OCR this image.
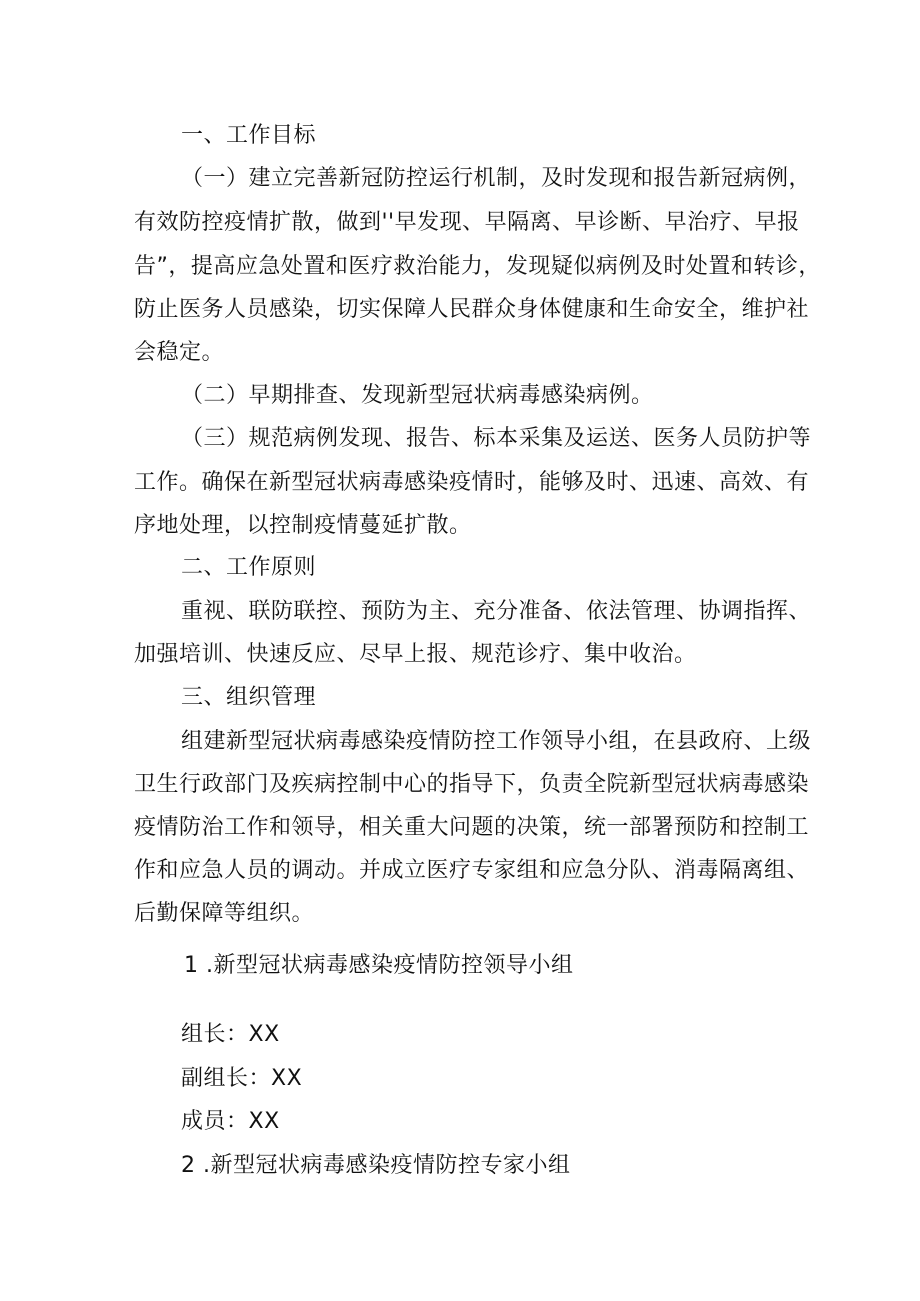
一、工作目标
（一）建立完善新冠防控运行机制，及时发现和报告新冠病例，
有效防控疫情扩散，做到''早发现、早隔离、早诊断、早治疗、早报
告”，提高应急处置和医疗救治能力，发现疑似病例及时处置和转诊，
防止医务人员感染，切实保障人民群众身体健康和生命安全，维护社
会稳定。
（二）早期排查、发现新型冠状病毒感染病例。
（三）规范病例发现、报告、标本采集及运送、医务人员防护等
工作。确保在新型冠状病毒感染疫情时，能够及时、迅速、高效、有
序地处理，以控制疫情蔓延扩散。
二、工作原则
重视、联防联控、预防为主、充分准备、依法管理、协调指挥、
加强培训、快速反应、尽早上报、规范诊疗、集中收治。
三、组织管理
组建新型冠状病毒感染疫情防控工作领导小组，在县政府、上级
卫生行政部门及疾病控制中心的指导下，负责全院新型冠状病毒感染
疫情防治工作和领导，相关重大问题的决策，统一部署预防和控制工
作和应急人员的调动。并成立医疗专家组和应急分队、消毒隔离组、
后勤保障等组织。
1 .新型冠状病毒感染疫情防控领导小组
组长：XX
副组长：XX
成员：XX
2 .新型冠状病毒感染疫情防控专家小组
